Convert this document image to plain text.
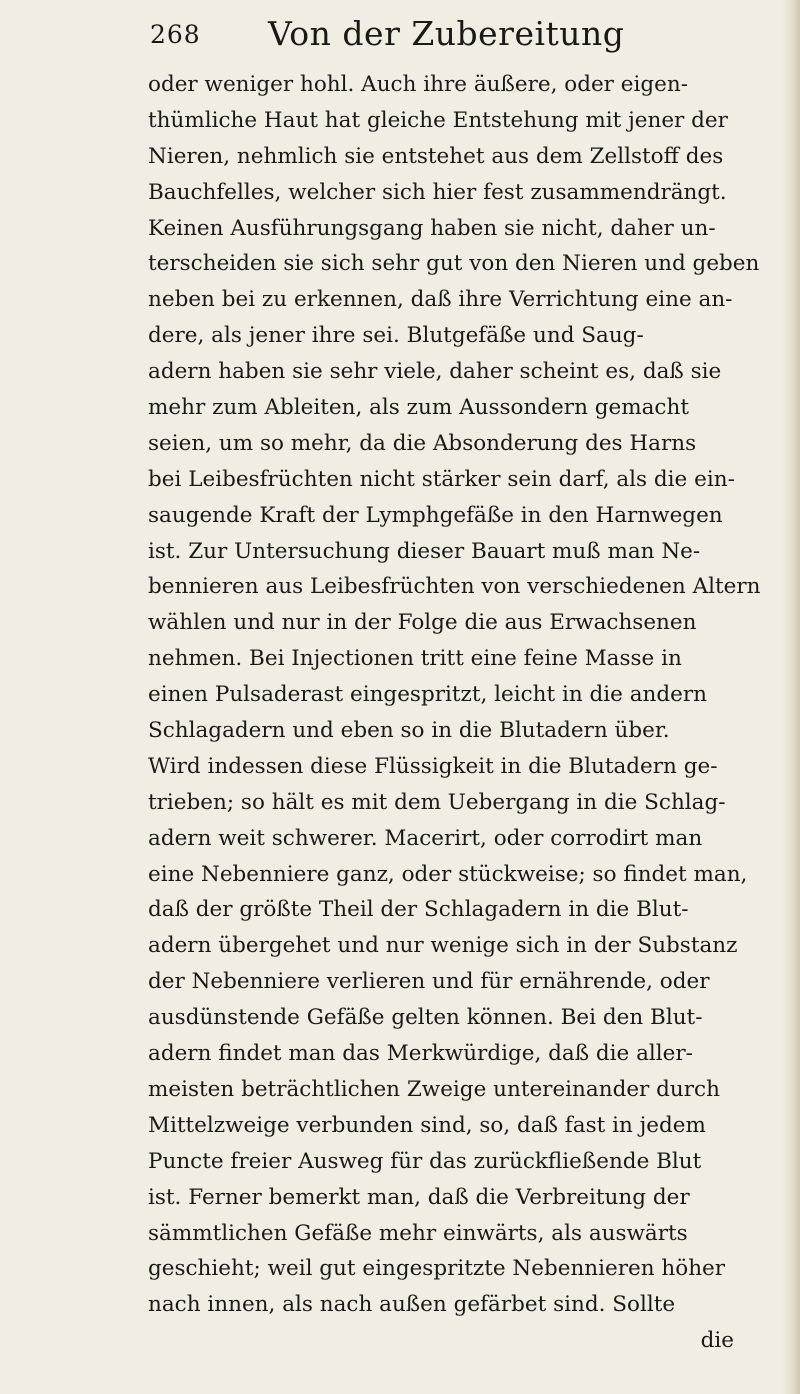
268 Von der Zubereitung
oder weniger hohl. Auch ihre äußere, oder eigen-
thümliche Haut hat gleiche Entstehung mit jener der
Nieren, nehmlich sie entstehet aus dem Zellstoff des
Bauchfelles, welcher sich hier fest zusammendrängt.
Keinen Ausführungsgang haben sie nicht, daher un-
terscheiden sie sich sehr gut von den Nieren und geben
neben bei zu erkennen, daß ihre Verrichtung eine an-
dere, als jener ihre sei. Blutgefäße und Saug-
adern haben sie sehr viele, daher scheint es, daß sie
mehr zum Ableiten, als zum Aussondern gemacht
seien, um so mehr, da die Absonderung des Harns
bei Leibesfrüchten nicht stärker sein darf, als die ein-
saugende Kraft der Lymphgefäße in den Harnwegen
ist. Zur Untersuchung dieser Bauart muß man Ne-
bennieren aus Leibesfrüchten von verschiedenen Altern
wählen und nur in der Folge die aus Erwachsenen
nehmen. Bei Injectionen tritt eine feine Masse in
einen Pulsaderast eingespritzt, leicht in die andern
Schlagadern und eben so in die Blutadern über.
Wird indessen diese Flüssigkeit in die Blutadern ge-
trieben; so hält es mit dem Uebergang in die Schlag-
adern weit schwerer. Macerirt, oder corrodirt man
eine Nebenniere ganz, oder stückweise; so findet man,
daß der größte Theil der Schlagadern in die Blut-
adern übergehet und nur wenige sich in der Substanz
der Nebenniere verlieren und für ernährende, oder
ausdünstende Gefäße gelten können. Bei den Blut-
adern findet man das Merkwürdige, daß die aller-
meisten beträchtlichen Zweige untereinander durch
Mittelzweige verbunden sind, so, daß fast in jedem
Puncte freier Ausweg für das zurückfließende Blut
ist. Ferner bemerkt man, daß die Verbreitung der
sämmtlichen Gefäße mehr einwärts, als auswärts
geschieht; weil gut eingespritzte Nebennieren höher
nach innen, als nach außen gefärbet sind. Sollte
die
